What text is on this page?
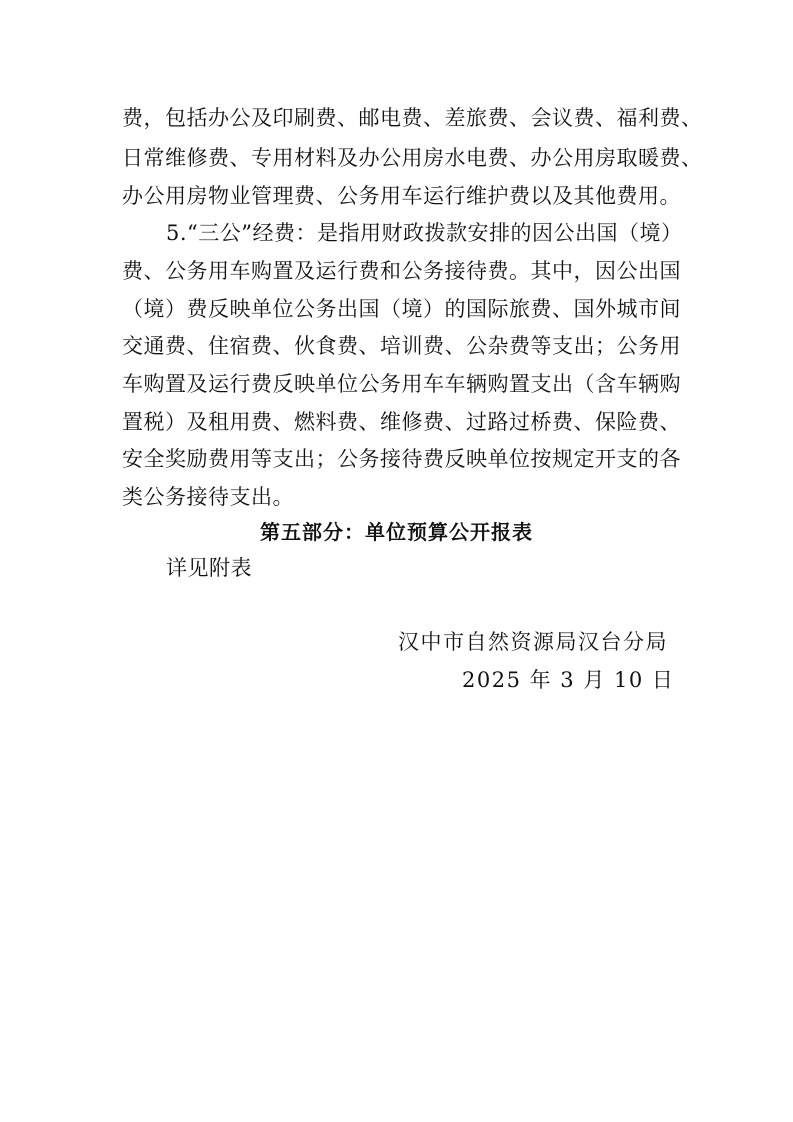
费，包括办公及印刷费、邮电费、差旅费、会议费、福利费、
日常维修费、专用材料及办公用房水电费、办公用房取暖费、
办公用房物业管理费、公务用车运行维护费以及其他费用。
5.“三公”经费：是指用财政拨款安排的因公出国（境）
费、公务用车购置及运行费和公务接待费。其中，因公出国
（境）费反映单位公务出国（境）的国际旅费、国外城市间
交通费、住宿费、伙食费、培训费、公杂费等支出；公务用
车购置及运行费反映单位公务用车车辆购置支出（含车辆购
置税）及租用费、燃料费、维修费、过路过桥费、保险费、
安全奖励费用等支出；公务接待费反映单位按规定开支的各
类公务接待支出。
第五部分：单位预算公开报表
详见附表
汉中市自然资源局汉台分局
2025 年 3 月 10 日
